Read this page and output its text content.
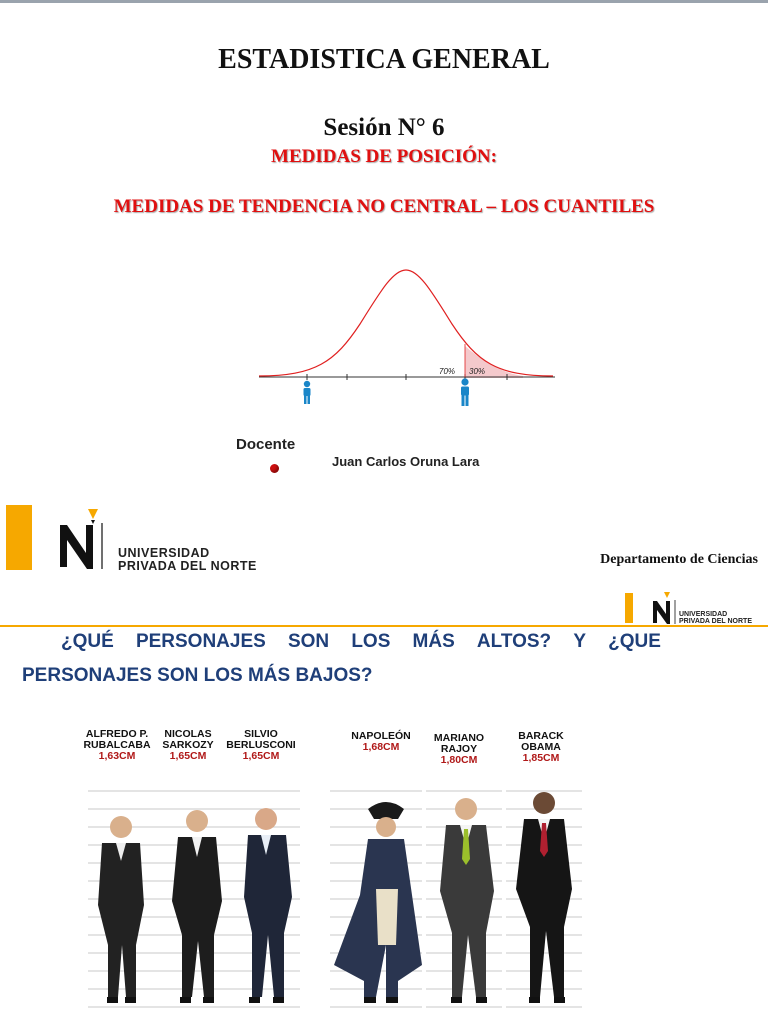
ESTADISTICA GENERAL
Sesión N° 6
MEDIDAS DE POSICIÓN:
MEDIDAS DE TENDENCIA NO CENTRAL – LOS CUANTILES
70% 30%
Docente
Juan Carlos Oruna Lara
UNIVERSIDAD
PRIVADA DEL NORTE	Departamento de Ciencias
UNIVERSIDAD
PRIVADA DEL NORTE
¿QUÉ PERSONAJES SON LOS MÁS ALTOS? Y ¿QUE
PERSONAJES SON LOS MÁS BAJOS?
ALFREDO P.
RUBALCABA
1,63CM
NICOLAS
SARKOZY
1,65CM
SILVIO
BERLUSCONI
1,65CM
NAPOLEÓN
1,68CM
MARIANO
RAJOY
1,80CM
BARACK
OBAMA
1,85CM
